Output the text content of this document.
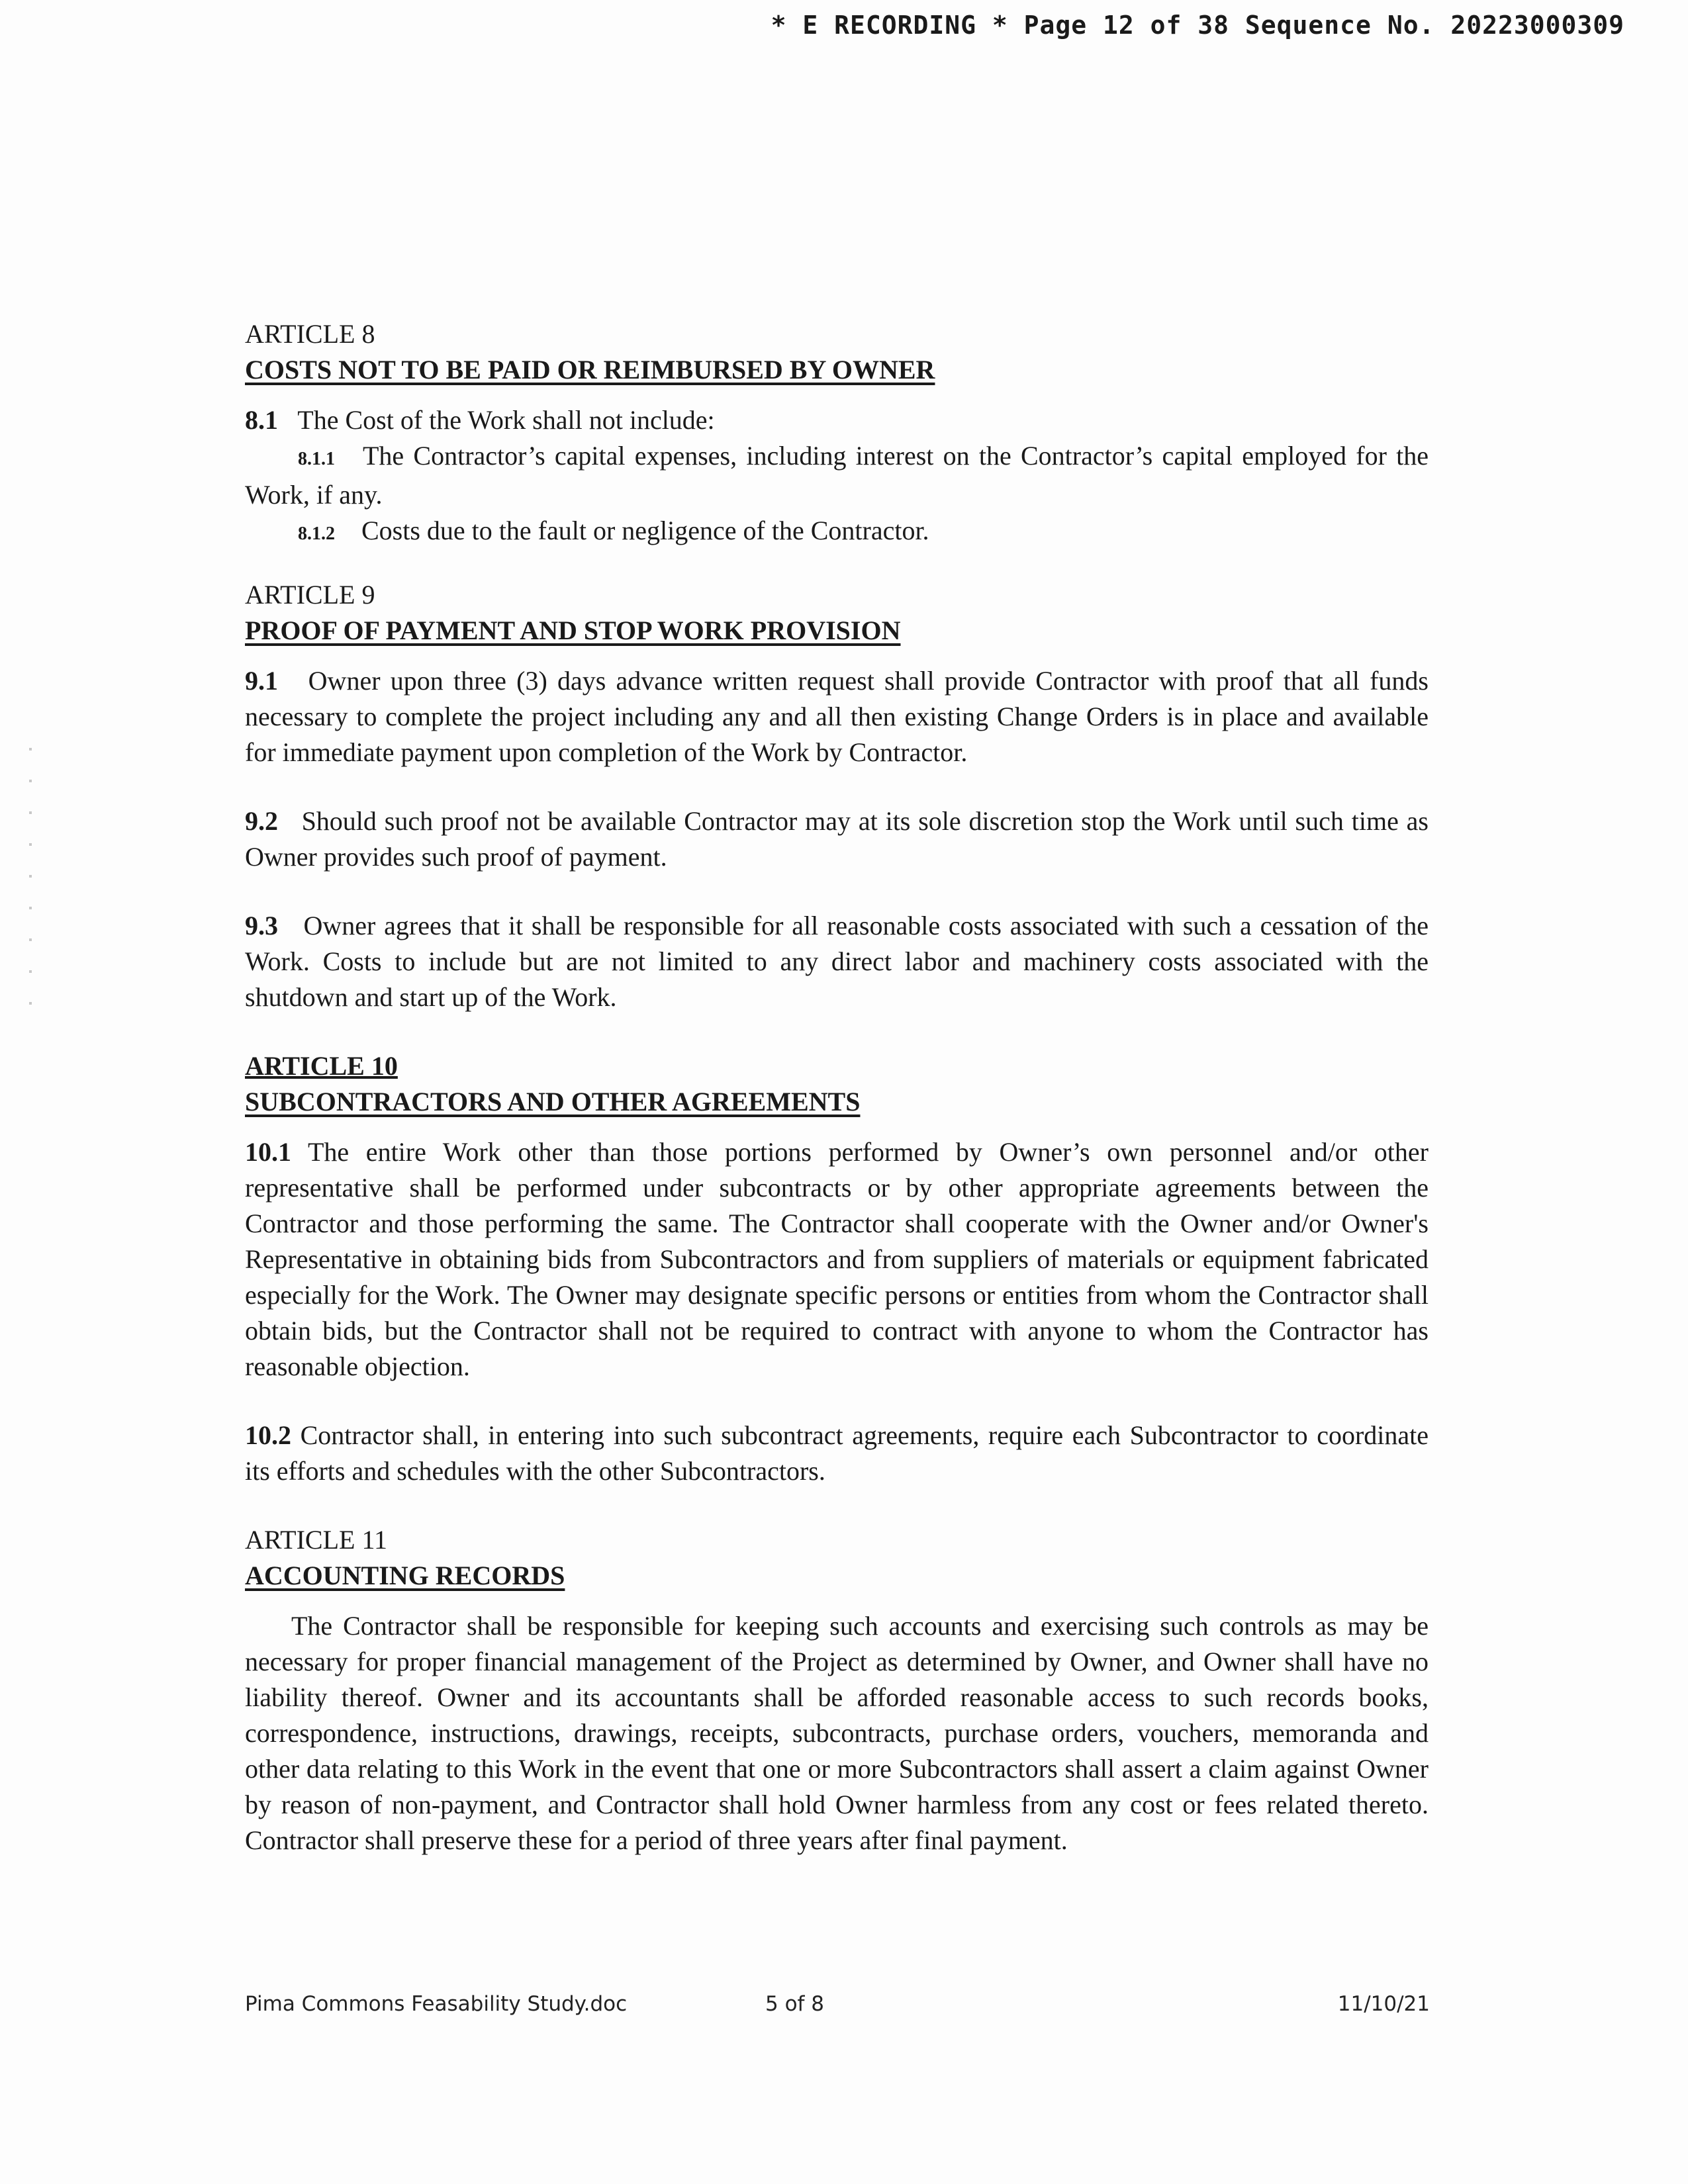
* E RECORDING * Page 12 of 38 Sequence No. 20223000309
ARTICLE 8
COSTS NOT TO BE PAID OR REIMBURSED BY OWNER

8.1 The Cost of the Work shall not include:

8.1.1 The Contractor’s capital expenses, including interest on the Contractor’s capital employed for the Work, if any.

8.1.2 Costs due to the fault or negligence of the Contractor.

ARTICLE 9
PROOF OF PAYMENT AND STOP WORK PROVISION

9.1 Owner upon three (3) days advance written request shall provide Contractor with proof that all funds necessary to complete the project including any and all then existing Change Orders is in place and available for immediate payment upon completion of the Work by Contractor.

9.2 Should such proof not be available Contractor may at its sole discretion stop the Work until such time as Owner provides such proof of payment.

9.3 Owner agrees that it shall be responsible for all reasonable costs associated with such a cessation of the Work. Costs to include but are not limited to any direct labor and machinery costs associated with the shutdown and start up of the Work.

ARTICLE 10
SUBCONTRACTORS AND OTHER AGREEMENTS

10.1 The entire Work other than those portions performed by Owner’s own personnel and/or other representative shall be performed under subcontracts or by other appropriate agreements between the Contractor and those performing the same. The Contractor shall cooperate with the Owner and/or Owner's Representative in obtaining bids from Subcontractors and from suppliers of materials or equipment fabricated especially for the Work. The Owner may designate specific persons or entities from whom the Contractor shall obtain bids, but the Contractor shall not be required to contract with anyone to whom the Contractor has reasonable objection.

10.2 Contractor shall, in entering into such subcontract agreements, require each Subcontractor to coordinate its efforts and schedules with the other Subcontractors.

ARTICLE 11
ACCOUNTING RECORDS

The Contractor shall be responsible for keeping such accounts and exercising such controls as may be necessary for proper financial management of the Project as determined by Owner, and Owner shall have no liability thereof. Owner and its accountants shall be afforded reasonable access to such records books, correspondence, instructions, drawings, receipts, subcontracts, purchase orders, vouchers, memoranda and other data relating to this Work in the event that one or more Subcontractors shall assert a claim against Owner by reason of non-payment, and Contractor shall hold Owner harmless from any cost or fees related thereto. Contractor shall preserve these for a period of three years after final payment.

Pima Commons Feasability Study.doc	5 of 8	11/10/21
